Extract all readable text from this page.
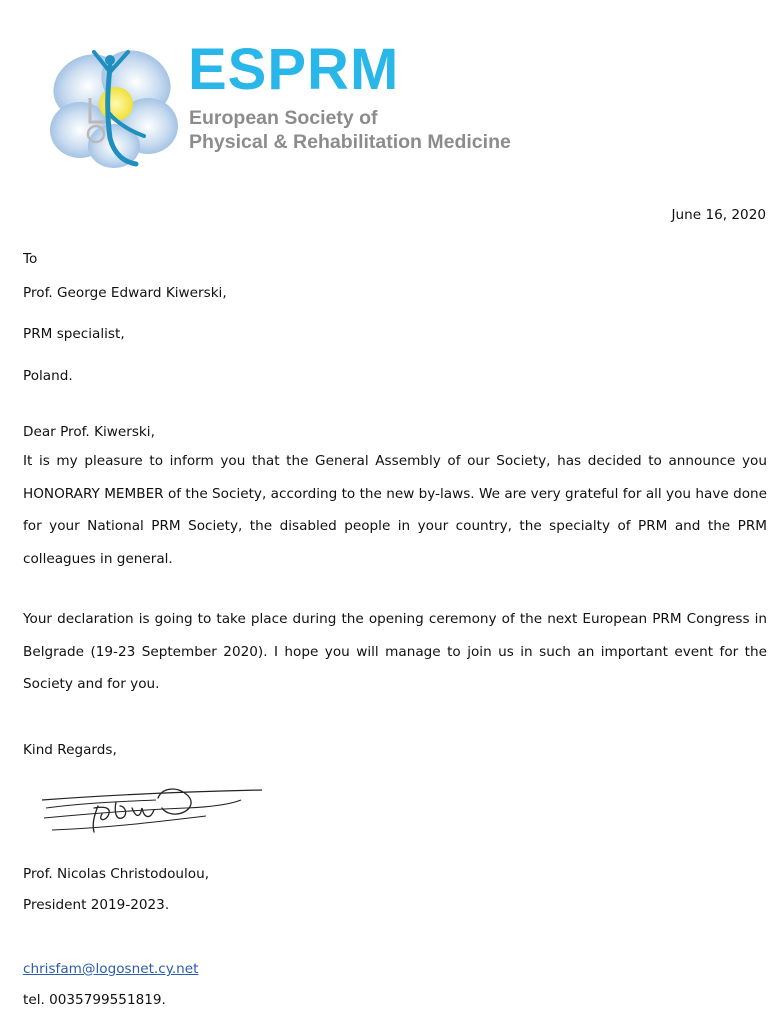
ESPRM
European Society of
Physical & Rehabilitation Medicine
June 16, 2020
To
Prof. George Edward Kiwerski,
PRM specialist,
Poland.
Dear Prof. Kiwerski,
It is my pleasure to inform you that the General Assembly of our Society, has decided to announce you HONORARY MEMBER of the Society, according to the new by-laws. We are very grateful for all you have done for your National PRM Society, the disabled people in your country, the specialty of PRM and the PRM colleagues in general.
Your declaration is going to take place during the opening ceremony of the next European PRM Congress in Belgrade (19-23 September 2020). I hope you will manage to join us in such an important event for the Society and for you.
Kind Regards,
Prof. Nicolas Christodoulou,
President 2019-2023.
chrisfam@logosnet.cy.net
tel. 0035799551819.
